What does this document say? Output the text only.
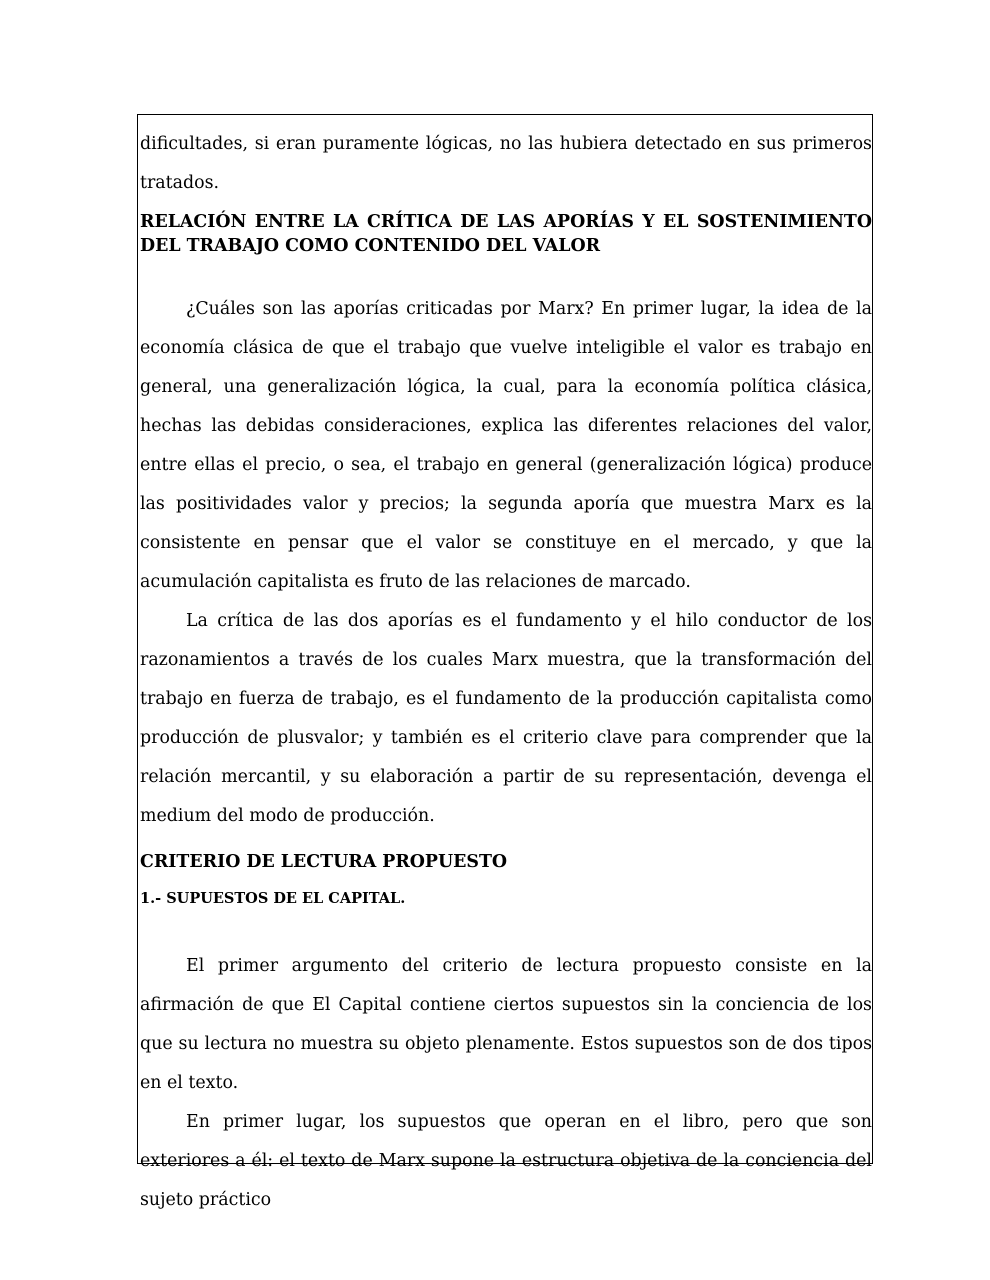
dificultades, si eran puramente lógicas, no las hubiera detectado en sus primeros tratados.

RELACIÓN ENTRE LA CRÍTICA DE LAS APORÍAS Y EL SOSTENIMIENTO DEL TRABAJO COMO CONTENIDO DEL VALOR

¿Cuáles son las aporías criticadas por Marx? En primer lugar, la idea de la economía clásica de que el trabajo que vuelve inteligible el valor es trabajo en general, una generalización lógica, la cual, para la economía política clásica, hechas las debidas consideraciones, explica las diferentes relaciones del valor, entre ellas el precio, o sea, el trabajo en general (generalización lógica) produce las positividades valor y precios; la segunda aporía que muestra Marx es la consistente en pensar que el valor se constituye en el mercado, y que la acumulación capitalista es fruto de las relaciones de marcado.

La crítica de las dos aporías es el fundamento y el hilo conductor de los razonamientos a través de los cuales Marx muestra, que la transformación del trabajo en fuerza de trabajo, es el fundamento de la producción capitalista como producción de plusvalor; y también es el criterio clave para comprender que la relación mercantil, y su elaboración a partir de su representación, devenga el medium del modo de producción.

CRITERIO DE LECTURA PROPUESTO
1.- SUPUESTOS DE EL CAPITAL.

El primer argumento del criterio de lectura propuesto consiste en la afirmación de que El Capital contiene ciertos supuestos sin la conciencia de los que su lectura no muestra su objeto plenamente. Estos supuestos son de dos tipos en el texto.

En primer lugar, los supuestos que operan en el libro, pero que son exteriores a él: el texto de Marx supone la estructura objetiva de la conciencia del sujeto práctico
